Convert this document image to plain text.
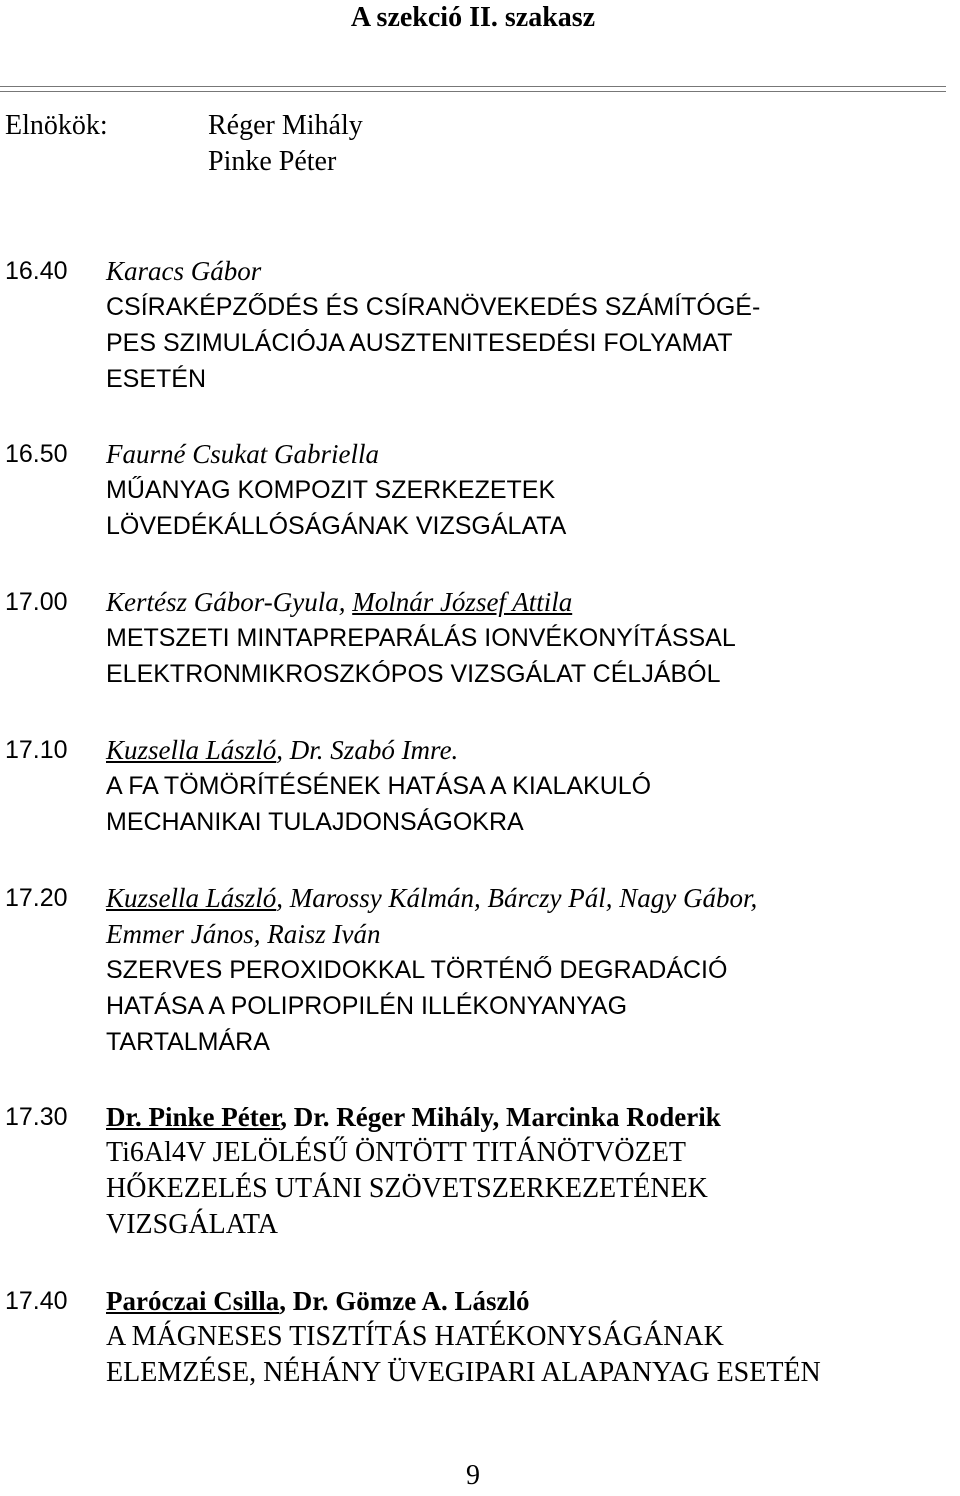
A szekció II. szakasz
Elnökök:	Réger Mihály
Pinke Péter
16.40 Karacs Gábor
CSÍRAKÉPZŐDÉS ÉS CSÍRANÖVEKEDÉS SZÁMÍTÓGÉ-
PES SZIMULÁCIÓJA AUSZTENITESEDÉSI FOLYAMAT
ESETÉN
16.50 Faurné Csukat Gabriella
MŰANYAG KOMPOZIT SZERKEZETEK
LÖVEDÉKÁLLÓSÁGÁNAK VIZSGÁLATA
17.00 Kertész Gábor-Gyula, Molnár József Attila
METSZETI MINTAPREPARÁLÁS IONVÉKONYÍTÁSSAL
ELEKTRONMIKROSZKÓPOS VIZSGÁLAT CÉLJÁBÓL
17.10 Kuzsella László, Dr. Szabó Imre.
A FA TÖMÖRÍTÉSÉNEK HATÁSA A KIALAKULÓ
MECHANIKAI TULAJDONSÁGOKRA
17.20 Kuzsella László, Marossy Kálmán, Bárczy Pál, Nagy Gábor,
Emmer János, Raisz Iván
SZERVES PEROXIDOKKAL TÖRTÉNŐ DEGRADÁCIÓ
HATÁSA A POLIPROPILÉN ILLÉKONYANYAG
TARTALMÁRA
17.30 Dr. Pinke Péter, Dr. Réger Mihály, Marcinka Roderik
Ti6Al4V JELÖLÉSŰ ÖNTÖTT TITÁNÖTVÖZET
HŐKEZELÉS UTÁNI SZÖVETSZERKEZETÉNEK
VIZSGÁLATA
17.40 Paróczai Csilla, Dr. Gömze A. László
A MÁGNESES TISZTÍTÁS HATÉKONYSÁGÁNAK
ELEMZÉSE, NÉHÁNY ÜVEGIPARI ALAPANYAG ESETÉN
9
